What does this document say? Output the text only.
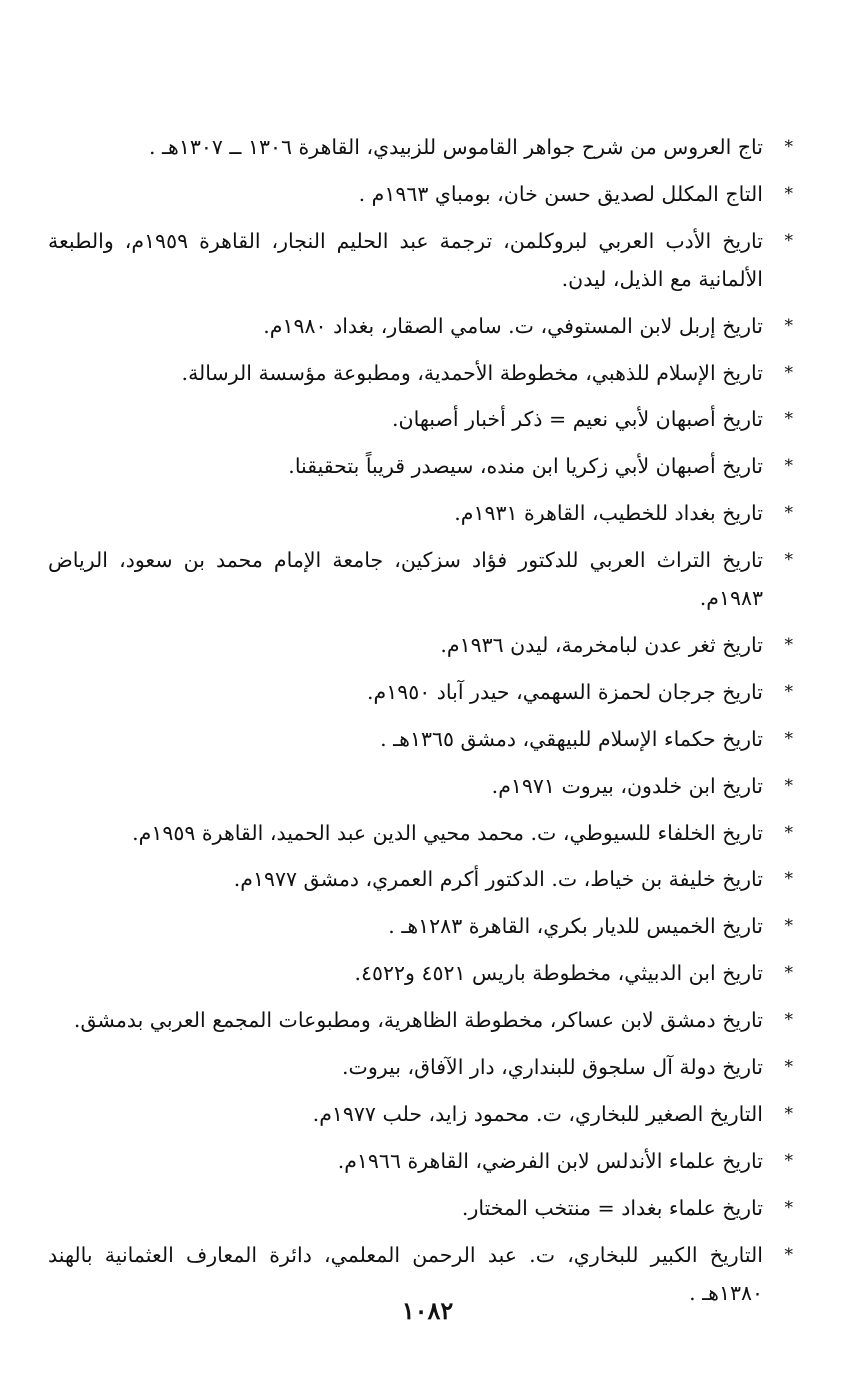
*
تاج العروس من شرح جواهر القاموس للزبيدي، القاهرة ١٣٠٦ ــ ١٣٠٧هـ .
*
التاج المكلل لصديق حسن خان، بومباي ١٩٦٣م .
*
تاريخ الأدب العربي لبروكلمن، ترجمة عبد الحليم النجار، القاهرة ١٩٥٩م، والطبعة الألمانية مع الذيل، ليدن.
*
تاريخ إربل لابن المستوفي، ت. سامي الصقار، بغداد ١٩٨٠م.
*
تاريخ الإسلام للذهبي، مخطوطة الأحمدية، ومطبوعة مؤسسة الرسالة.
*
تاريخ أصبهان لأبي نعيم = ذكر أخبار أصبهان.
*
تاريخ أصبهان لأبي زكريا ابن منده، سيصدر قريباً بتحقيقنا.
*
تاريخ بغداد للخطيب، القاهرة ١٩٣١م.
*
تاريخ التراث العربي للدكتور فؤاد سزكين، جامعة الإمام محمد بن سعود، الرياض ١٩٨٣م.
*
تاريخ ثغر عدن لبامخرمة، ليدن ١٩٣٦م.
*
تاريخ جرجان لحمزة السهمي، حيدر آباد ١٩٥٠م.
*
تاريخ حكماء الإسلام للبيهقي، دمشق ١٣٦٥هـ .
*
تاريخ ابن خلدون، بيروت ١٩٧١م.
*
تاريخ الخلفاء للسيوطي، ت. محمد محيي الدين عبد الحميد، القاهرة ١٩٥٩م.
*
تاريخ خليفة بن خياط، ت. الدكتور أكرم العمري، دمشق ١٩٧٧م.
*
تاريخ الخميس للديار بكري، القاهرة ١٢٨٣هـ .
*
تاريخ ابن الدبيثي، مخطوطة باريس ٤٥٢١ و٤٥٢٢.
*
تاريخ دمشق لابن عساكر، مخطوطة الظاهرية، ومطبوعات المجمع العربي بدمشق.
*
تاريخ دولة آل سلجوق للبنداري، دار الآفاق، بيروت.
*
التاريخ الصغير للبخاري، ت. محمود زايد، حلب ١٩٧٧م.
*
تاريخ علماء الأندلس لابن الفرضي، القاهرة ١٩٦٦م.
*
تاريخ علماء بغداد = منتخب المختار.
*
التاريخ الكبير للبخاري، ت. عبد الرحمن المعلمي، دائرة المعارف العثمانية بالهند ١٣٨٠هـ .
١٠٨٢
